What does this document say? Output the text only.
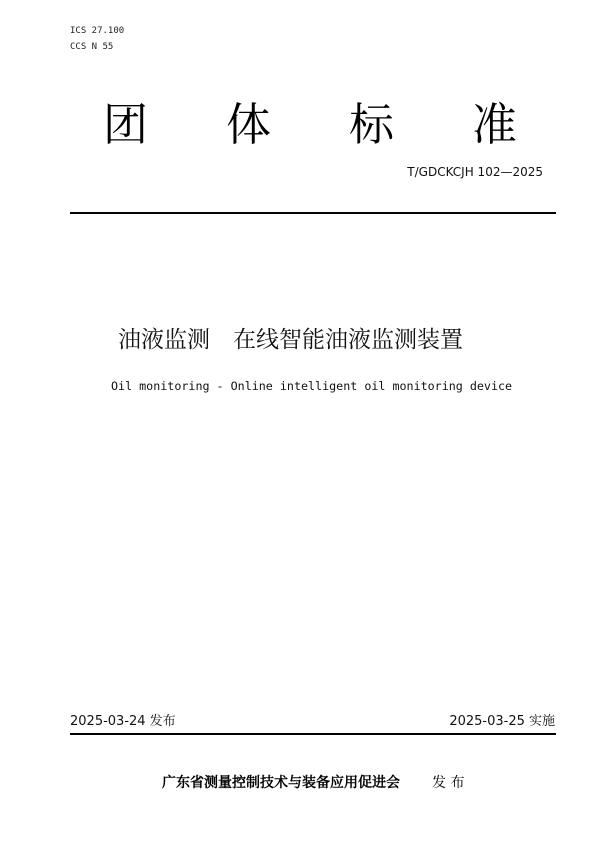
ICS 27.100
CCS N 55
团体标准
T/GDCKCJH 102—2025
油液监测　在线智能油液监测装置
Oil monitoring - Online intelligent oil monitoring device
2025-03-24 发布	2025-03-25 实施
广东省测量控制技术与装备应用促进会 发 布
